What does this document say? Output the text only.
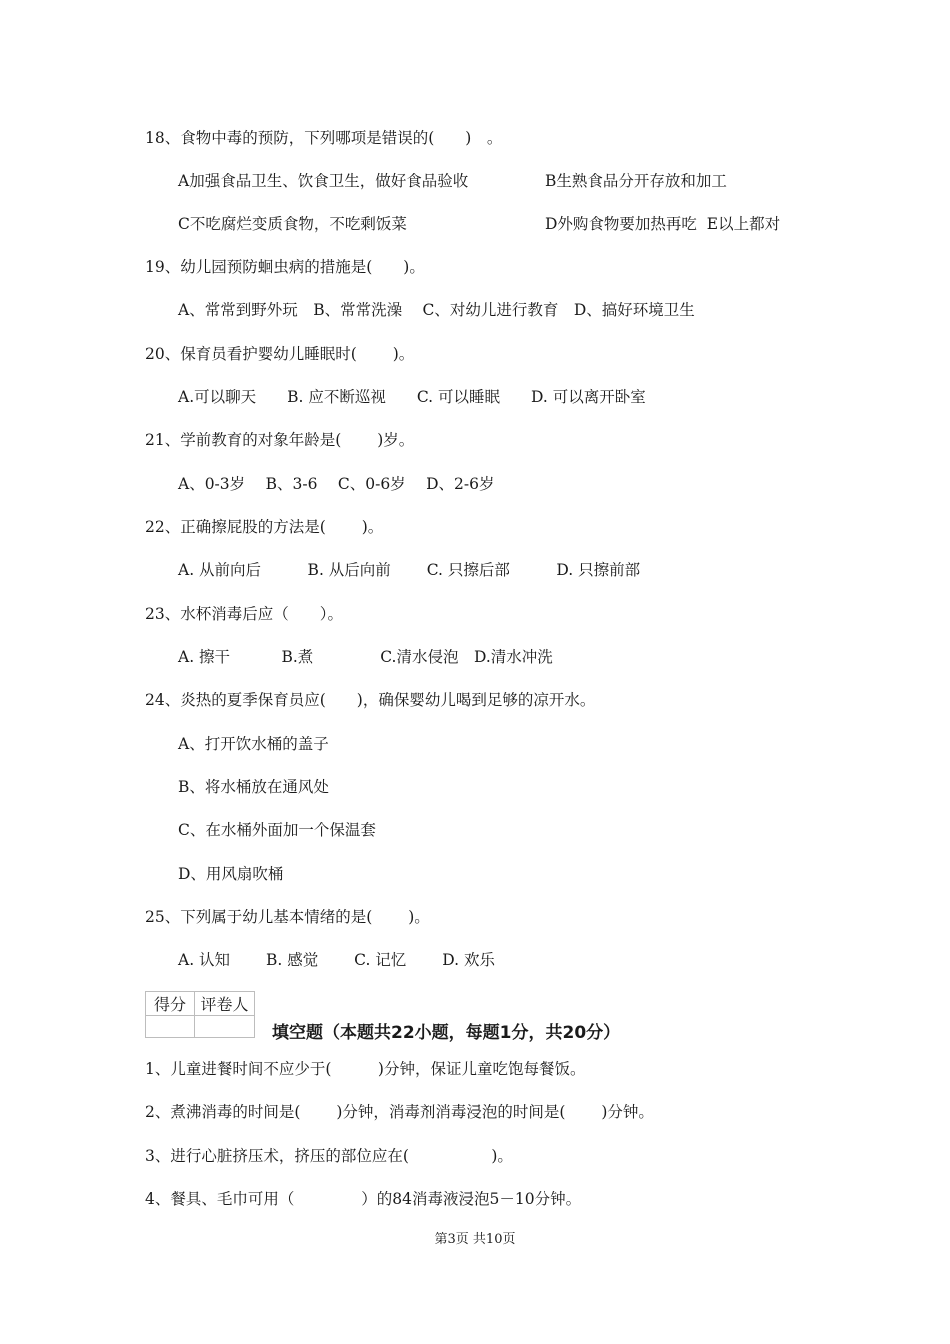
18、食物中毒的预防，下列哪项是错误的(　　)　。
A加强食品卫生、饮食卫生，做好食品验收	B生熟食品分开存放和加工
C不吃腐烂变质食物，不吃剩饭菜	D外购食物要加热再吃  E以上都对
19、幼儿园预防蛔虫病的措施是(　　)。
A、常常到野外玩　B、常常洗澡　 C、对幼儿进行教育　D、搞好环境卫生
20、保育员看护婴幼儿睡眠时(　　 )。
A.可以聊天　　B. 应不断巡视　　C. 可以睡眠　　D. 可以离开卧室
21、学前教育的对象年龄是(　　 )岁。
A、0-3岁　 B、3-6　 C、0-6岁　 D、2-6岁
22、正确擦屁股的方法是(　　 )。
A. 从前向后　　　B. 从后向前　　 C. 只擦后部　　　D. 只擦前部
23、水杯消毒后应（　　）。
A. 擦干　　　 B.煮　　　　 C.清水侵泡　D.清水冲洗
24、炎热的夏季保育员应(　　)，确保婴幼儿喝到足够的凉开水。
A、打开饮水桶的盖子
B、将水桶放在通风处
C、在水桶外面加一个保温套
D、用风扇吹桶
25、下列属于幼儿基本情绪的是(　　 )。
A. 认知　　 B. 感觉　　 C. 记忆　　 D. 欢乐
得分	评卷人

填空题（本题共22小题，每题1分，共20分）
1、儿童进餐时间不应少于(　　　)分钟，保证儿童吃饱每餐饭。
2、煮沸消毒的时间是(　　 )分钟，消毒剂消毒浸泡的时间是(　　 )分钟。
3、进行心脏挤压术，挤压的部位应在(　　　　　 )。
4、餐具、毛巾可用（　　　　 ）的84消毒液浸泡5－10分钟。
第3页 共10页
